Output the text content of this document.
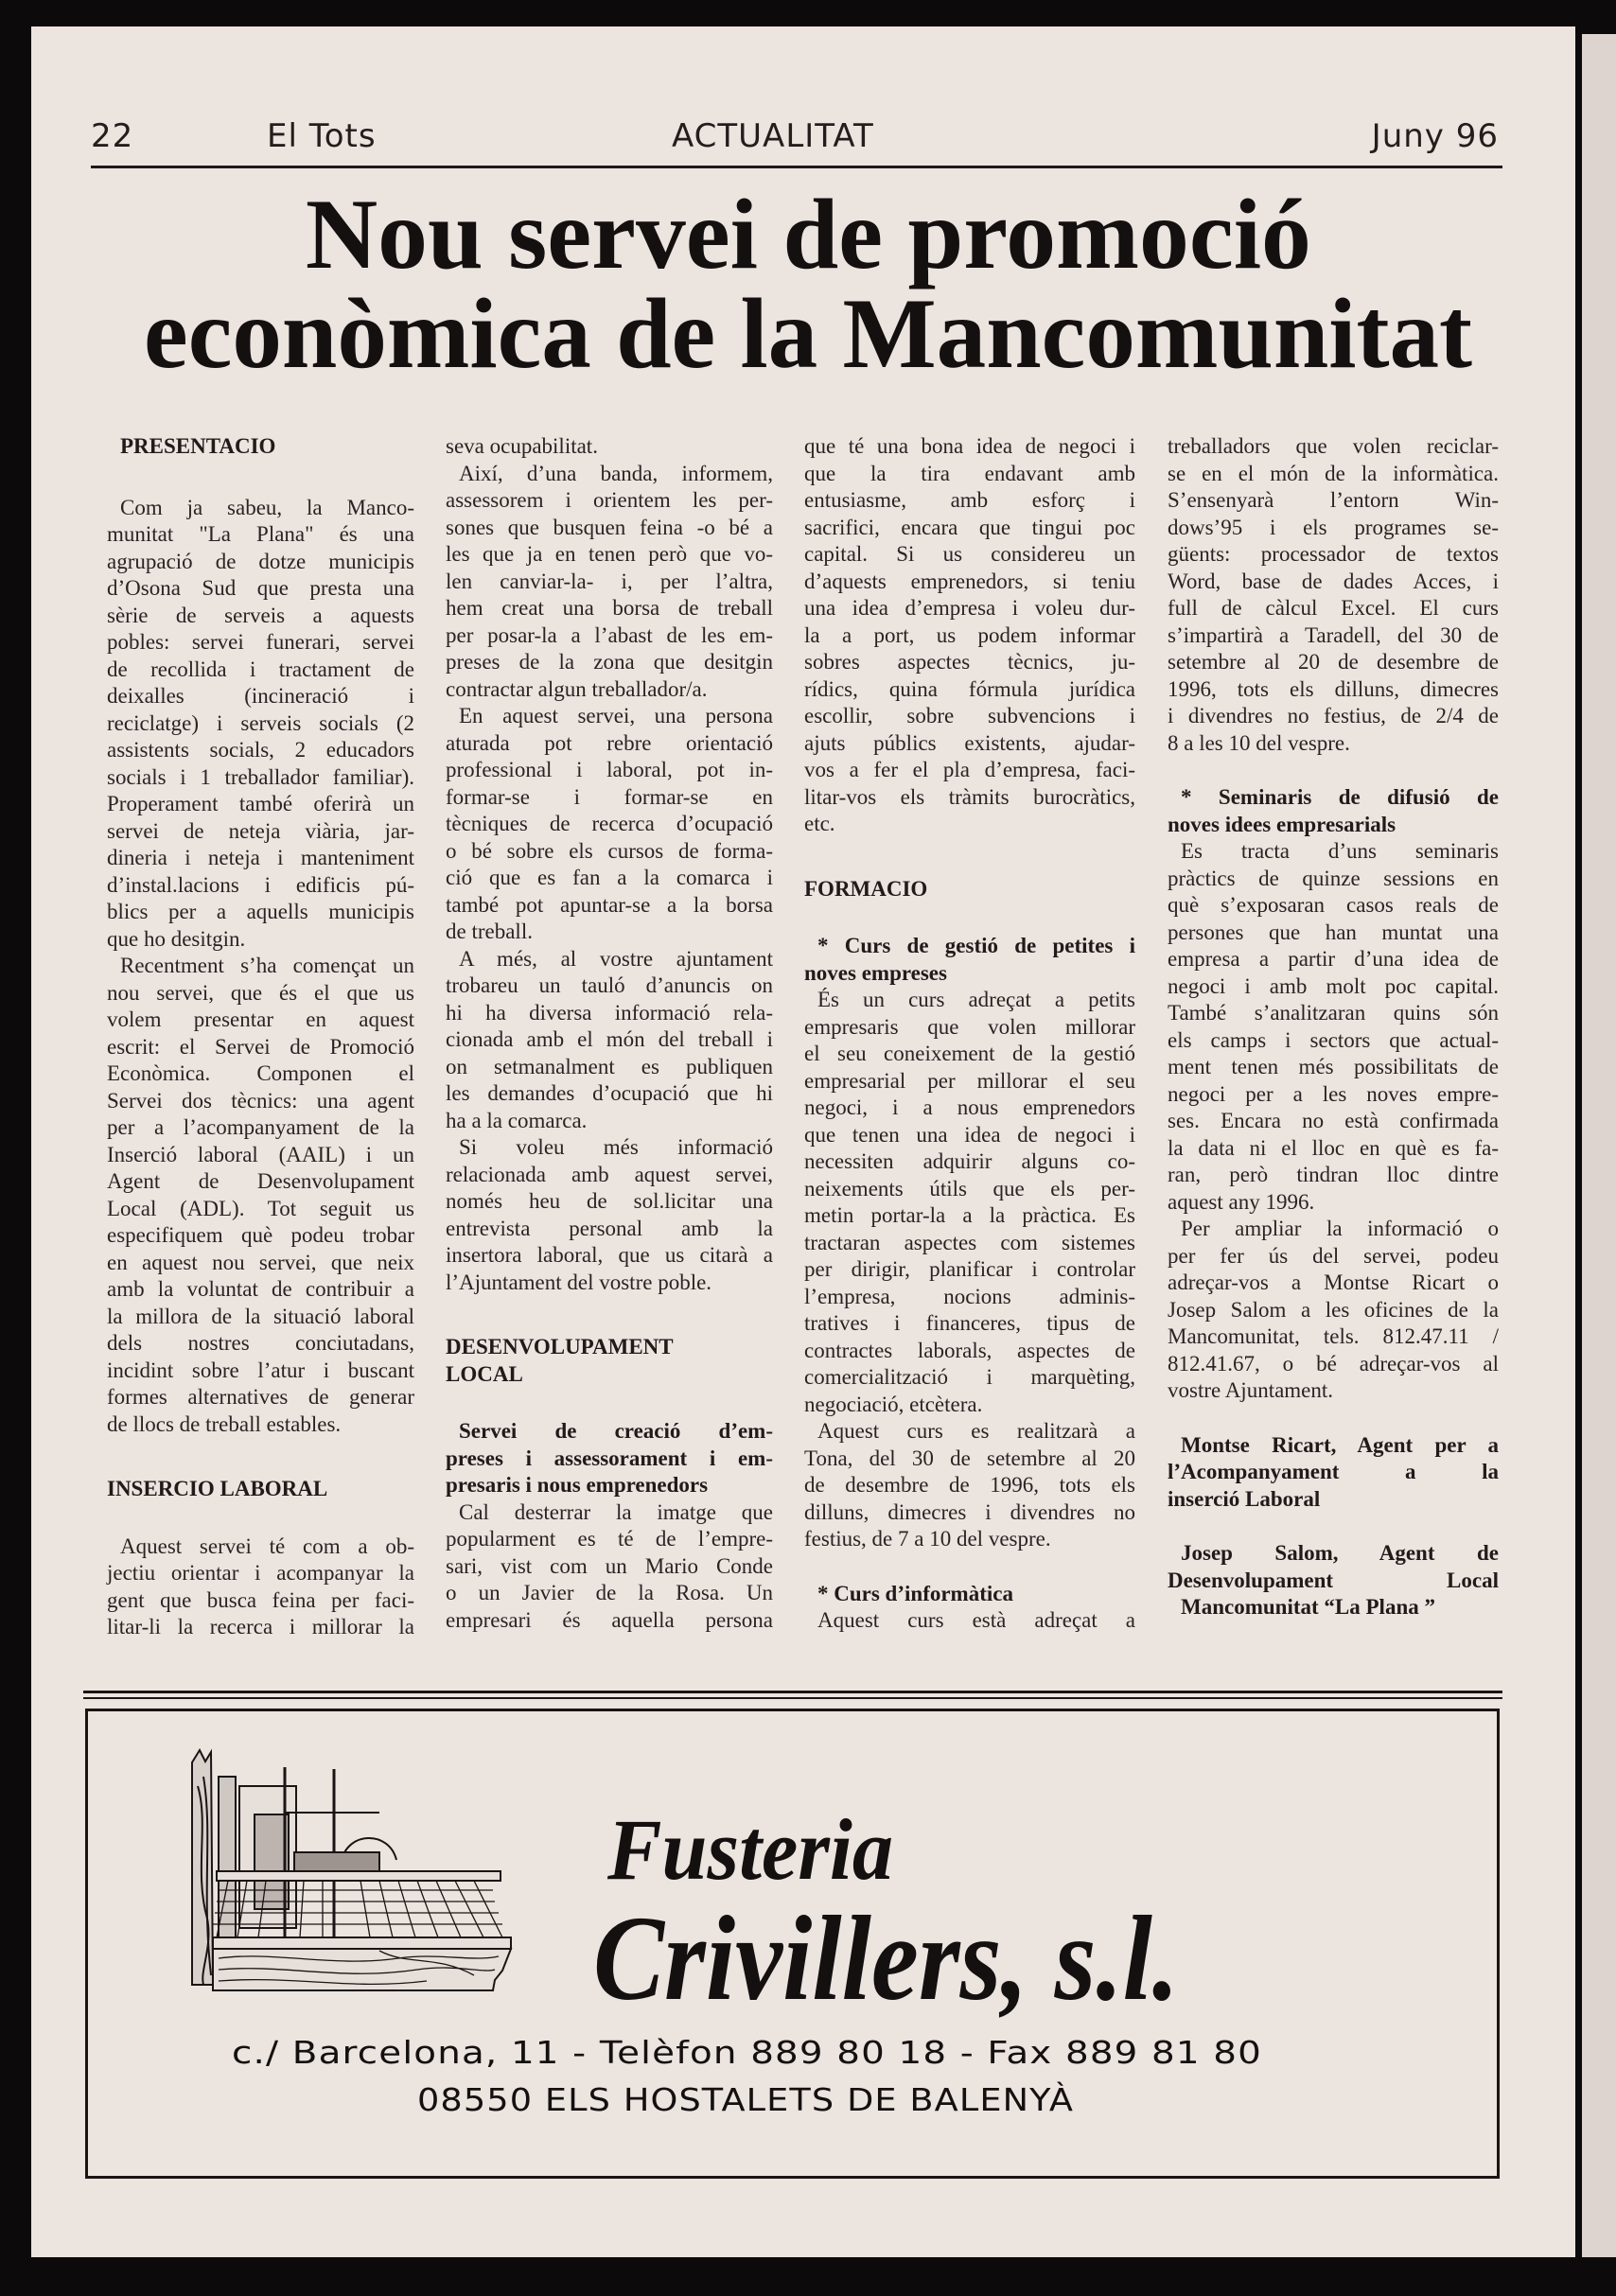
22	El Tots	ACTUALITAT	Juny 96
Nou servei de promoció
econòmica de la Mancomunitat
PRESENTACIO
Com ja sabeu, la Manco-
munitat "La Plana" és una
agrupació de dotze municipis
d’Osona Sud que presta una
sèrie de serveis a aquests
pobles: servei funerari, servei
de recollida i tractament de
deixalles (incineració i
reciclatge) i serveis socials (2
assistents socials, 2 educadors
socials i 1 treballador familiar).
Properament també oferirà un
servei de neteja viària, jar-
dineria i neteja i manteniment
d’instal.lacions i edificis pú-
blics per a aquells municipis
que ho desitgin.
Recentment s’ha començat un
nou servei, que és el que us
volem presentar en aquest
escrit: el Servei de Promoció
Econòmica. Componen el
Servei dos tècnics: una agent
per a l’acompanyament de la
Inserció laboral (AAIL) i un
Agent de Desenvolupament
Local (ADL). Tot seguit us
especifiquem què podeu trobar
en aquest nou servei, que neix
amb la voluntat de contribuir a
la millora de la situació laboral
dels nostres conciutadans,
incidint sobre l’atur i buscant
formes alternatives de generar
de llocs de treball estables.
INSERCIO LABORAL
Aquest servei té com a ob-
jectiu orientar i acompanyar la
gent que busca feina per faci-
litar-li la recerca i millorar la
seva ocupabilitat.
Així, d’una banda, informem,
assessorem i orientem les per-
sones que busquen feina -o bé a
les que ja en tenen però que vo-
len canviar-la- i, per l’altra,
hem creat una borsa de treball
per posar-la a l’abast de les em-
preses de la zona que desitgin
contractar algun treballador/a.
En aquest servei, una persona
aturada pot rebre orientació
professional i laboral, pot in-
formar-se i formar-se en
tècniques de recerca d’ocupació
o bé sobre els cursos de forma-
ció que es fan a la comarca i
també pot apuntar-se a la borsa
de treball.
A més, al vostre ajuntament
trobareu un tauló d’anuncis on
hi ha diversa informació rela-
cionada amb el món del treball i
on setmanalment es publiquen
les demandes d’ocupació que hi
ha a la comarca.
Si voleu més informació
relacionada amb aquest servei,
només heu de sol.licitar una
entrevista personal amb la
insertora laboral, que us citarà a
l’Ajuntament del vostre poble.
DESENVOLUPAMENT
LOCAL
Servei de creació d’em-
preses i assessorament i em-
presaris i nous emprenedors
Cal desterrar la imatge que
popularment es té de l’empre-
sari, vist com un Mario Conde
o un Javier de la Rosa. Un
empresari és aquella persona
que té una bona idea de negoci i
que la tira endavant amb
entusiasme, amb esforç i
sacrifici, encara que tingui poc
capital. Si us considereu un
d’aquests emprenedors, si teniu
una idea d’empresa i voleu dur-
la a port, us podem informar
sobres aspectes tècnics, ju-
rídics, quina fórmula jurídica
escollir, sobre subvencions i
ajuts públics existents, ajudar-
vos a fer el pla d’empresa, faci-
litar-vos els tràmits burocràtics,
etc.
FORMACIO
* Curs de gestió de petites i
noves empreses
És un curs adreçat a petits
empresaris que volen millorar
el seu coneixement de la gestió
empresarial per millorar el seu
negoci, i a nous emprenedors
que tenen una idea de negoci i
necessiten adquirir alguns co-
neixements útils que els per-
metin portar-la a la pràctica. Es
tractaran aspectes com sistemes
per dirigir, planificar i controlar
l’empresa, nocions adminis-
tratives i financeres, tipus de
contractes laborals, aspectes de
comercialització i marquèting,
negociació, etcètera.
Aquest curs es realitzarà a
Tona, del 30 de setembre al 20
de desembre de 1996, tots els
dilluns, dimecres i divendres no
festius, de 7 a 10 del vespre.
* Curs d’informàtica
Aquest curs està adreçat a
treballadors que volen reciclar-
se en el món de la informàtica.
S’ensenyarà l’entorn Win-
dows’95 i els programes se-
güents: processador de textos
Word, base de dades Acces, i
full de càlcul Excel. El curs
s’impartirà a Taradell, del 30 de
setembre al 20 de desembre de
1996, tots els dilluns, dimecres
i divendres no festius, de 2/4 de
8 a les 10 del vespre.
* Seminaris de difusió de
noves idees empresarials
Es tracta d’uns seminaris
pràctics de quinze sessions en
què s’exposaran casos reals de
persones que han muntat una
empresa a partir d’una idea de
negoci i amb molt poc capital.
També s’analitzaran quins són
els camps i sectors que actual-
ment tenen més possibilitats de
negoci per a les noves empre-
ses. Encara no està confirmada
la data ni el lloc en què es fa-
ran, però tindran lloc dintre
aquest any 1996.
Per ampliar la informació o
per fer ús del servei, podeu
adreçar-vos a Montse Ricart o
Josep Salom a les oficines de la
Mancomunitat, tels. 812.47.11 /
812.41.67, o bé adreçar-vos al
vostre Ajuntament.
Montse Ricart, Agent per a
l’Acompanyament a la
inserció Laboral
Josep Salom, Agent de
Desenvolupament Local
Mancomunitat “La Plana ”
Fusteria
Crivillers, s.l.
c./ Barcelona, 11 - Telèfon 889 80 18 - Fax 889 81 80
08550 ELS HOSTALETS DE BALENYÀ
